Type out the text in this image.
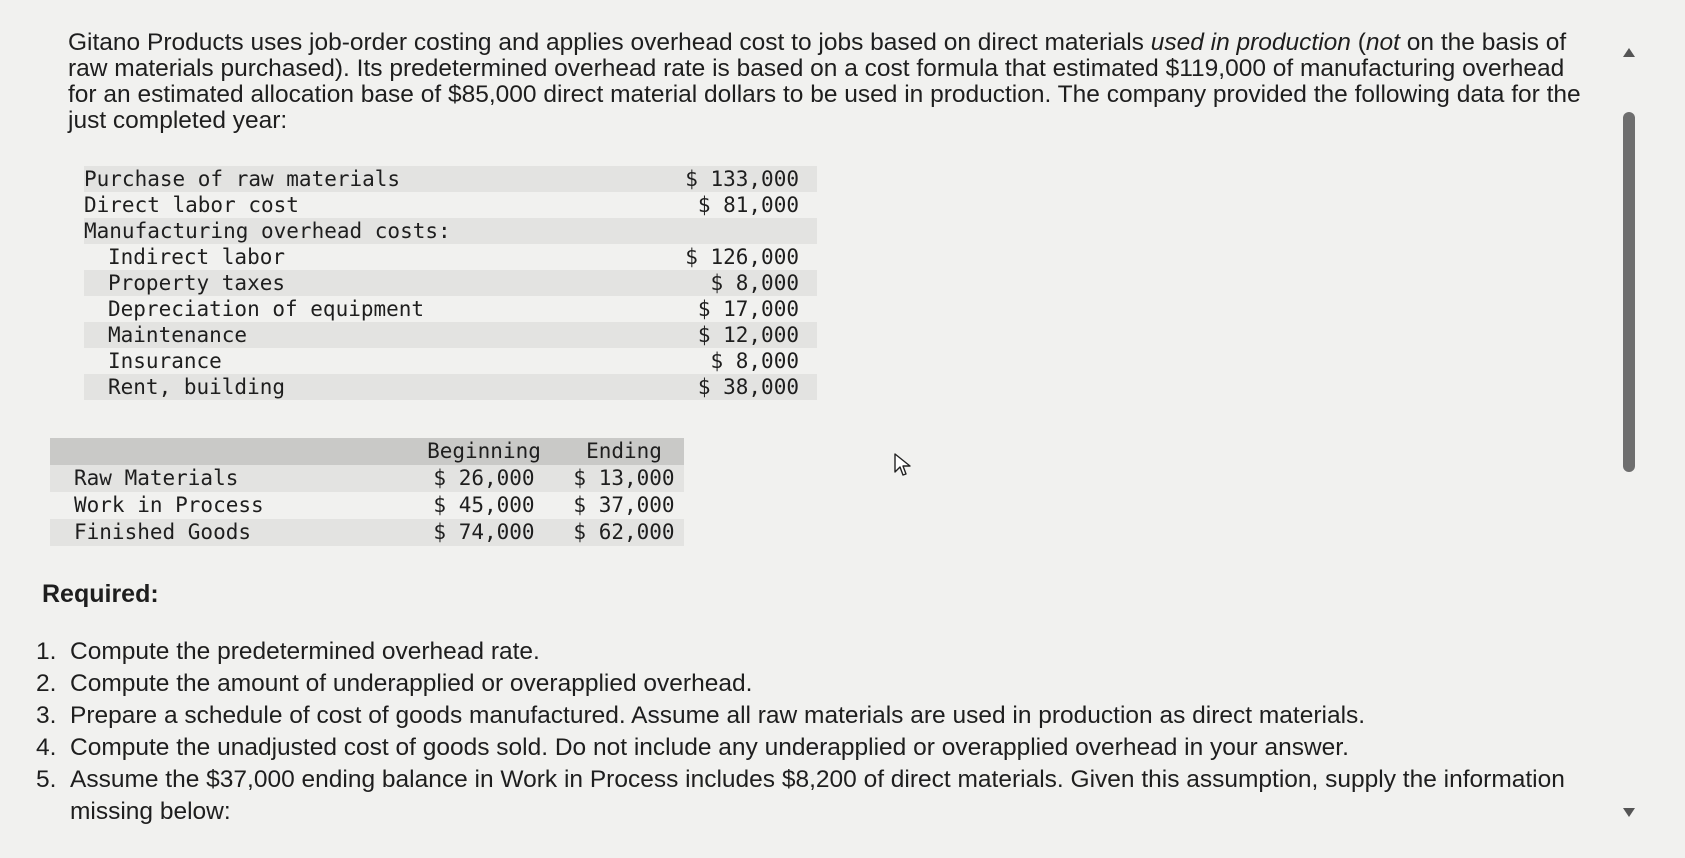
Gitano Products uses job-order costing and applies overhead cost to jobs based on direct materials used in production (not on the basis of raw materials purchased). Its predetermined overhead rate is based on a cost formula that estimated $119,000 of manufacturing overhead for an estimated allocation base of $85,000 direct material dollars to be used in production. The company provided the following data for the just completed year:

Purchase of raw materials	$ 133,000
Direct labor cost	$ 81,000
Manufacturing overhead costs:	
Indirect labor	$ 126,000
Property taxes	$ 8,000
Depreciation of equipment	$ 17,000
Maintenance	$ 12,000
Insurance	$ 8,000
Rent, building	$ 38,000
	Beginning	Ending
Raw Materials	$ 26,000	$ 13,000
Work in Process	$ 45,000	$ 37,000
Finished Goods	$ 74,000	$ 62,000

Required:

1. Compute the predetermined overhead rate.
2. Compute the amount of underapplied or overapplied overhead.
3. Prepare a schedule of cost of goods manufactured. Assume all raw materials are used in production as direct materials.
4. Compute the unadjusted cost of goods sold. Do not include any underapplied or overapplied overhead in your answer.
5. Assume the $37,000 ending balance in Work in Process includes $8,200 of direct materials. Given this assumption, supply the information missing below:
